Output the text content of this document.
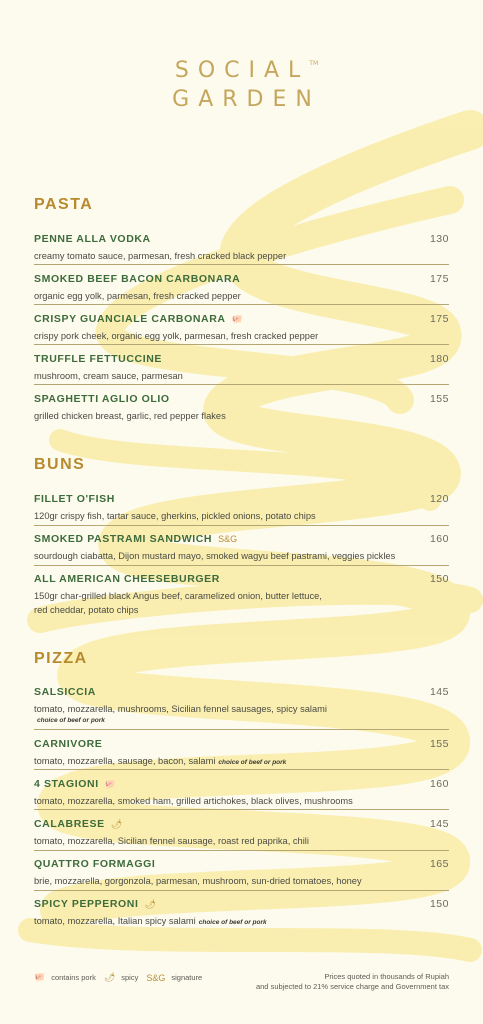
SOCIAL™
GARDEN
PASTA
PENNE ALLA VODKA	130
creamy tomato sauce, parmesan, fresh cracked black pepper
SMOKED BEEF BACON CARBONARA	175
organic egg yolk, parmesan, fresh cracked pepper
CRISPY GUANCIALE CARBONARA 🐖	175
crispy pork cheek, organic egg yolk, parmesan, fresh cracked pepper
TRUFFLE FETTUCCINE	180
mushroom, cream sauce, parmesan
SPAGHETTI AGLIO OLIO	155
grilled chicken breast, garlic, red pepper flakes
BUNS
FILLET O'FISH	120
120gr crispy fish, tartar sauce, gherkins, pickled onions, potato chips
SMOKED PASTRAMI SANDWICH S&G	160
sourdough ciabatta, Dijon mustard mayo, smoked wagyu beef pastrami, veggies pickles
ALL AMERICAN CHEESEBURGER	150
150gr char-grilled black Angus beef, caramelized onion, butter lettuce,
red cheddar, potato chips
PIZZA
SALSICCIA	145
tomato, mozzarella, mushrooms, Sicilian fennel sausages, spicy salami
choice of beef or pork
CARNIVORE	155
tomato, mozzarella, sausage, bacon, salami choice of beef or pork
4 STAGIONI 🐖	160
tomato, mozzarella, smoked ham, grilled artichokes, black olives, mushrooms
CALABRESE 🌶	145
tomato, mozzarella, Sicilian fennel sausage, roast red paprika, chili
QUATTRO FORMAGGI	165
brie, mozzarella, gorgonzola, parmesan, mushroom, sun-dried tomatoes, honey
SPICY PEPPERONI 🌶	150
tomato, mozzarella, Italian spicy salami choice of beef or pork
🐖 contains pork 🌶 spicy S&G signature	Prices quoted in thousands of Rupiah
and subjected to 21% service charge and Government tax
